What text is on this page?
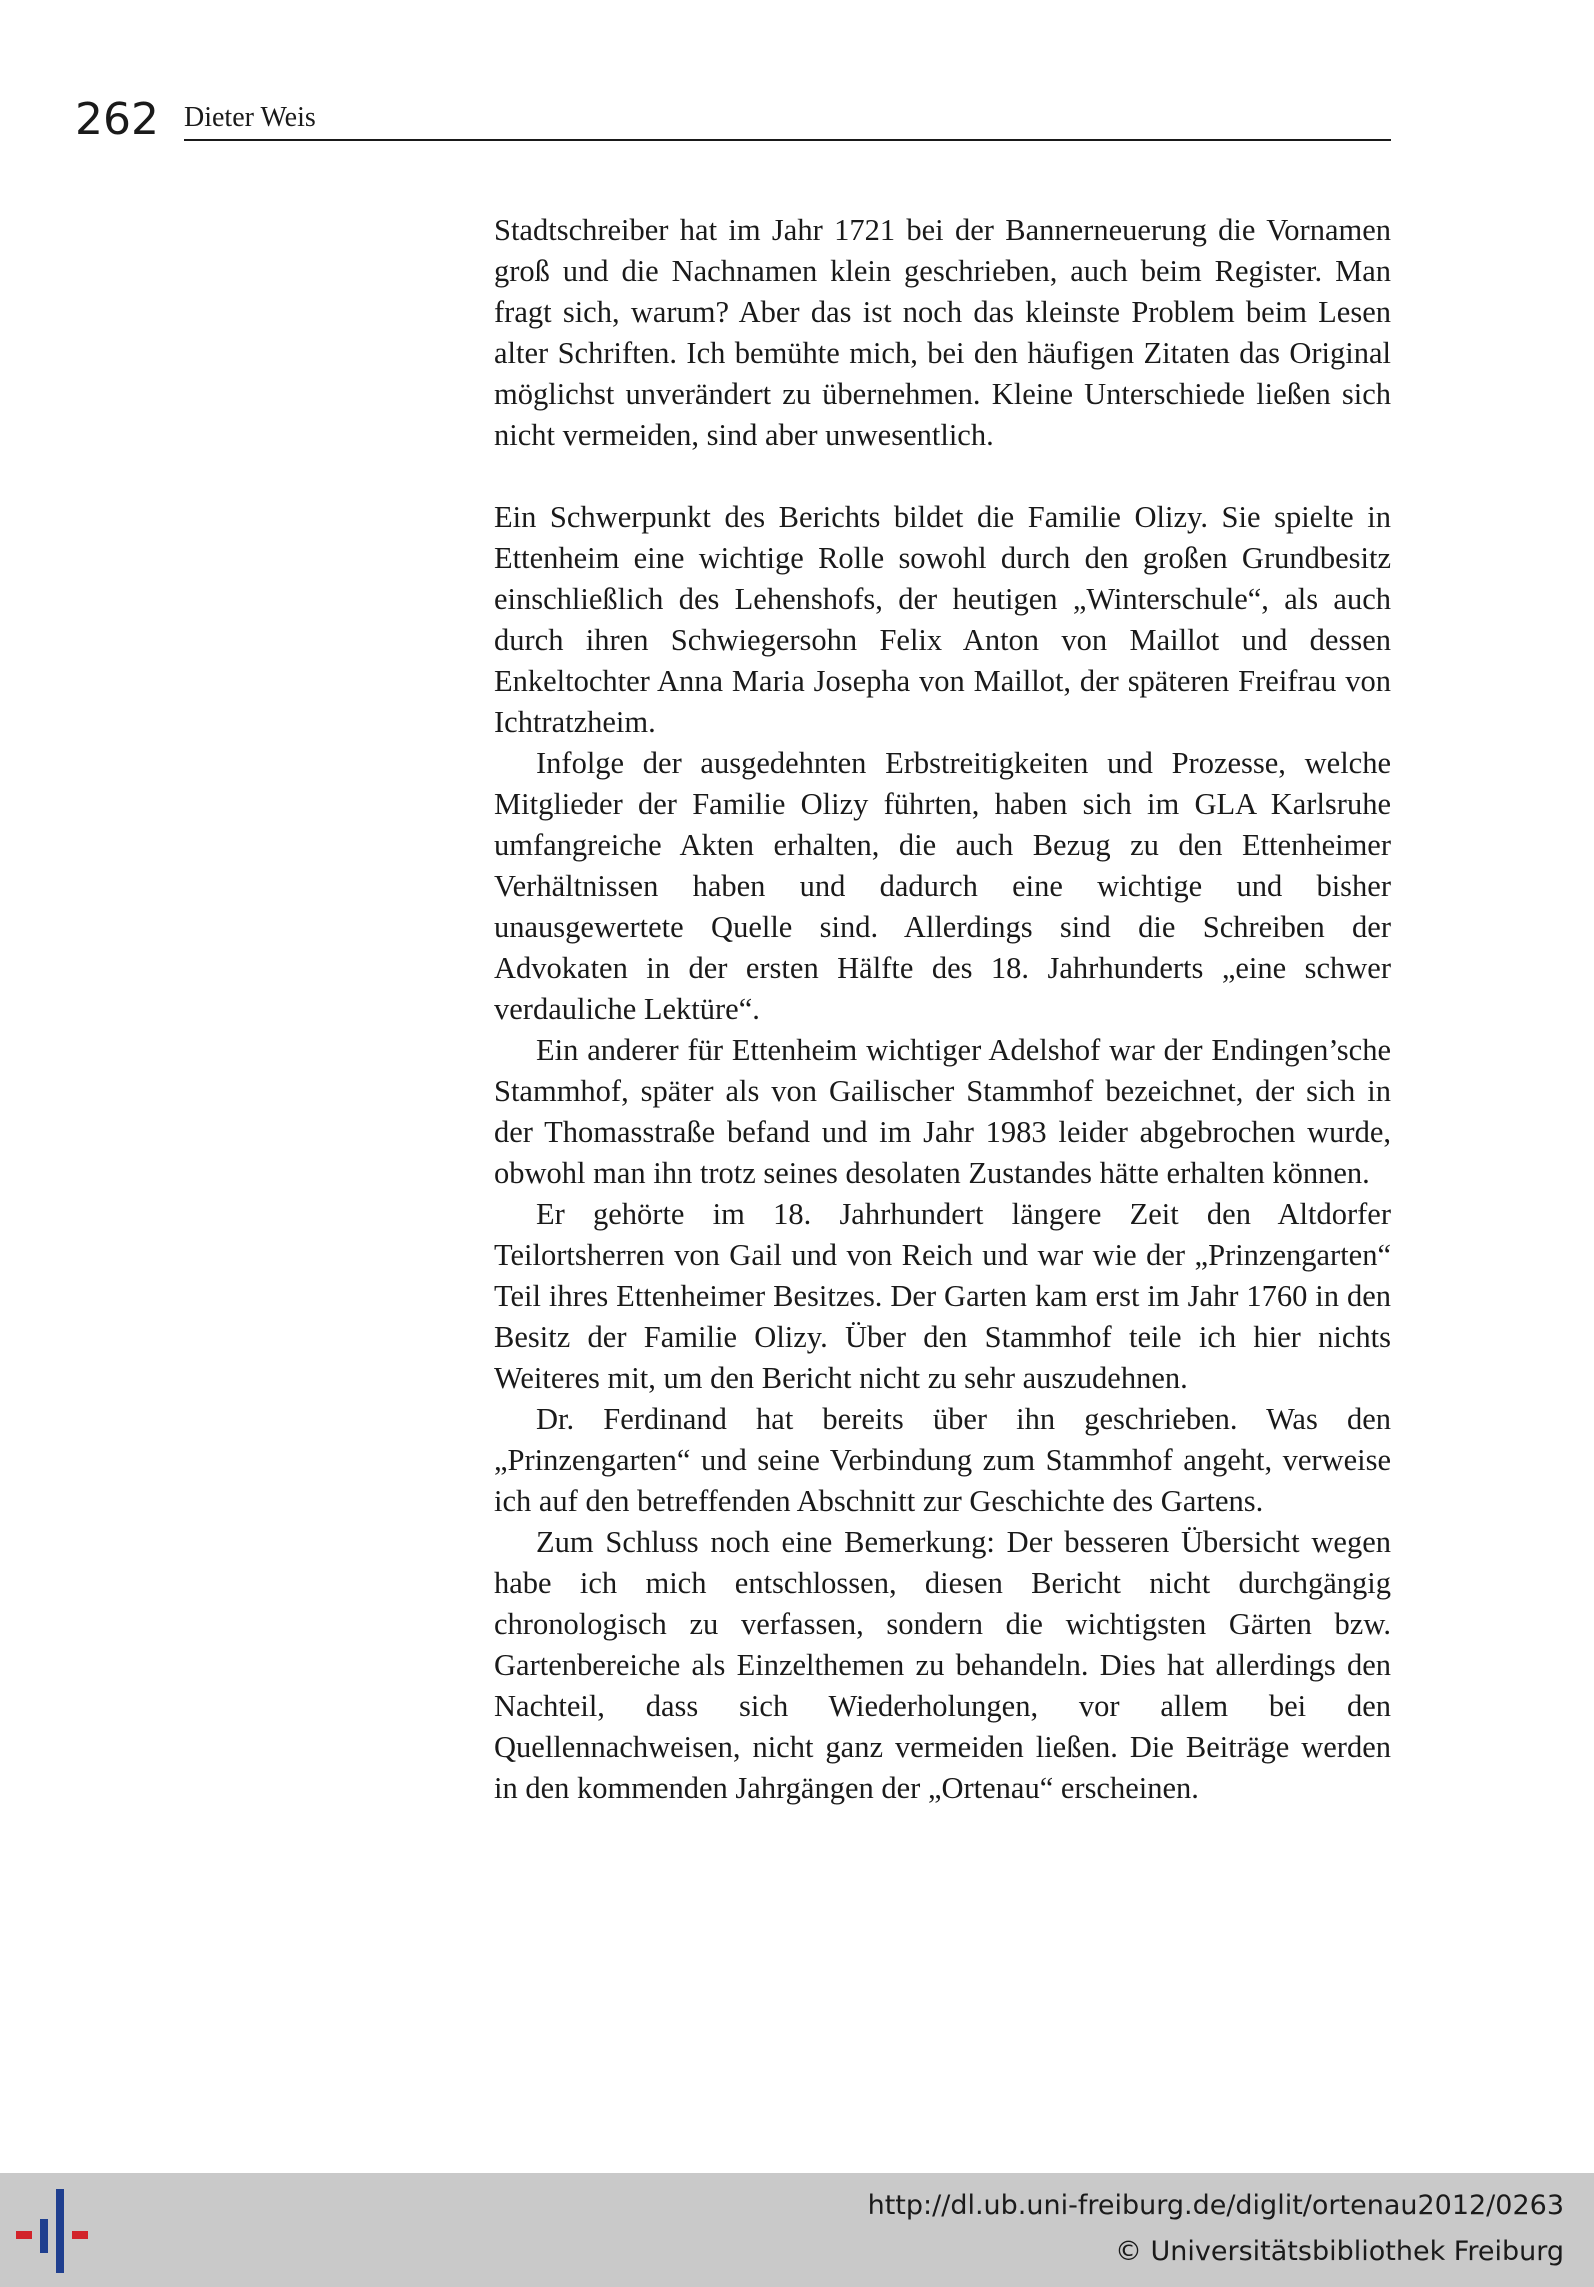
262 Dieter Weis

Stadtschreiber hat im Jahr 1721 bei der Bannerneuerung die Vornamen groß und die Nachnamen klein geschrieben, auch beim Register. Man fragt sich, warum? Aber das ist noch das kleinste Problem beim Lesen alter Schriften. Ich bemühte mich, bei den häufigen Zitaten das Original möglichst unverändert zu übernehmen. Kleine Unterschiede ließen sich nicht vermeiden, sind aber unwesentlich.

Ein Schwerpunkt des Berichts bildet die Familie Olizy. Sie spielte in Ettenheim eine wichtige Rolle sowohl durch den großen Grundbesitz einschließlich des Lehenshofs, der heutigen „Winterschule“, als auch durch ihren Schwiegersohn Felix Anton von Maillot und dessen Enkeltochter Anna Maria Josepha von Maillot, der späteren Freifrau von Ichtratzheim.

Infolge der ausgedehnten Erbstreitigkeiten und Prozesse, welche Mitglieder der Familie Olizy führten, haben sich im GLA Karlsruhe umfangreiche Akten erhalten, die auch Bezug zu den Ettenheimer Verhältnissen haben und dadurch eine wichtige und bisher unausgewertete Quelle sind. Allerdings sind die Schreiben der Advokaten in der ersten Hälfte des 18. Jahrhunderts „eine schwer verdauliche Lektüre“.

Ein anderer für Ettenheim wichtiger Adelshof war der Endingen’sche Stammhof, später als von Gailischer Stammhof bezeichnet, der sich in der Thomasstraße befand und im Jahr 1983 leider abgebrochen wurde, obwohl man ihn trotz seines desolaten Zustandes hätte erhalten können.

Er gehörte im 18. Jahrhundert längere Zeit den Altdorfer Teilortsherren von Gail und von Reich und war wie der „Prinzengarten“ Teil ihres Ettenheimer Besitzes. Der Garten kam erst im Jahr 1760 in den Besitz der Familie Olizy. Über den Stammhof teile ich hier nichts Weiteres mit, um den Bericht nicht zu sehr auszudehnen.

Dr. Ferdinand hat bereits über ihn geschrieben. Was den „Prinzengarten“ und seine Verbindung zum Stammhof angeht, verweise ich auf den betreffenden Abschnitt zur Geschichte des Gartens.

Zum Schluss noch eine Bemerkung: Der besseren Übersicht wegen habe ich mich entschlossen, diesen Bericht nicht durchgängig chronologisch zu verfassen, sondern die wichtigsten Gärten bzw. Gartenbereiche als Einzelthemen zu behandeln. Dies hat allerdings den Nachteil, dass sich Wiederholungen, vor allem bei den Quellennachweisen, nicht ganz vermeiden ließen. Die Beiträge werden in den kommenden Jahrgängen der „Ortenau“ erscheinen.

http://dl.ub.uni-freiburg.de/diglit/ortenau2012/0263
© Universitätsbibliothek Freiburg
